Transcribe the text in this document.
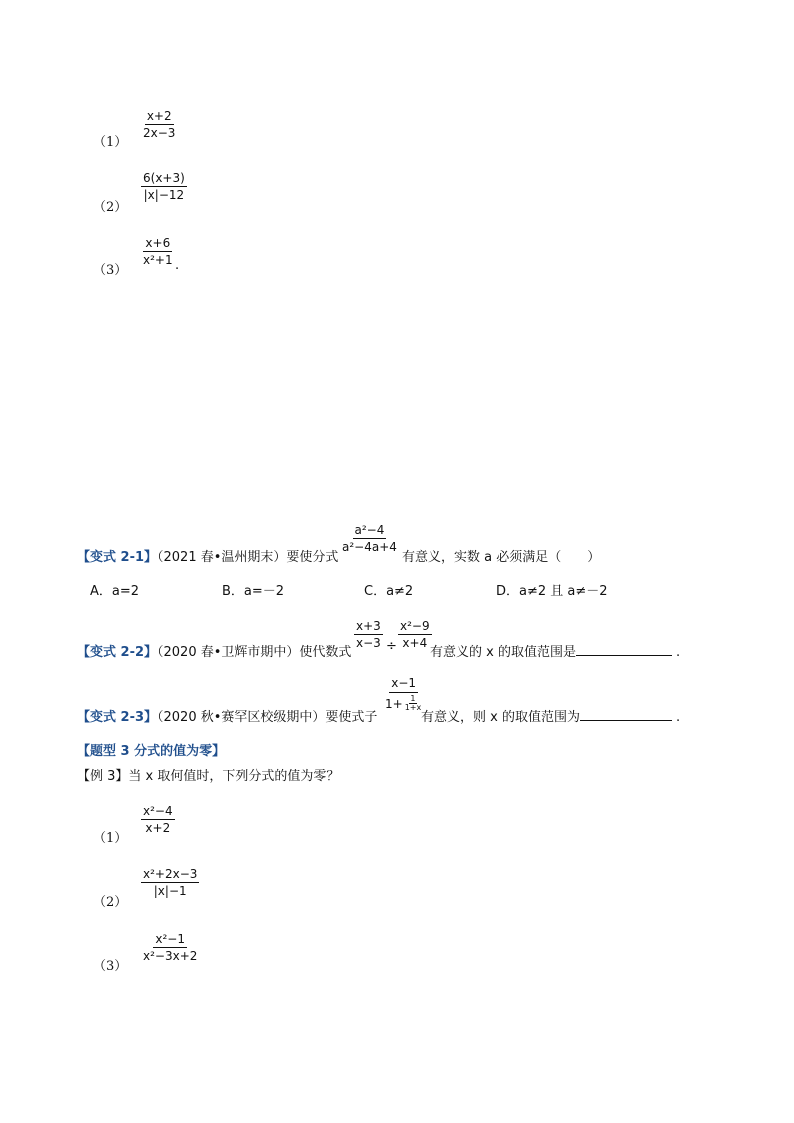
（1）
$\frac{x+2}{2x-3}$
（2）
$\frac{6(x+3)}{|x|-12}$
（3）
$\frac{x+6}{\text{x²+1}}$ .
【变式 2-1】（2021 春•温州期末）要使分式
$\frac{\text{a²−4}}{\text{a²−4a+4}}$
有意义，实数 a 必须满足（　　）
A．a=2	B．a=－2	C．a≠2	D．a≠2 且 a≠－2
【变式 2-2】（2020 春•卫辉市期中）使代数式
$\frac{x+3}{x-3} \div \frac{\text{x²−9}}{x+4}$
有意义的 x 的取值范围是	.
【变式 2-3】（2020 秋•赛罕区校级期中）要使式子
$\frac{x-1}{1+ \frac{1}{1+x}}$
有意义，则 x 的取值范围为	.
【题型 3 分式的值为零】
【例 3】当 x 取何值时，下列分式的值为零？
（1）
$\frac{\text{x²−4}}{x+2}$
（2）
$\frac{\text{x²+2x−3}}{|x|-1}$
（3）
$\frac{\text{x²−1}}{\text{x²−3x+2}}$
